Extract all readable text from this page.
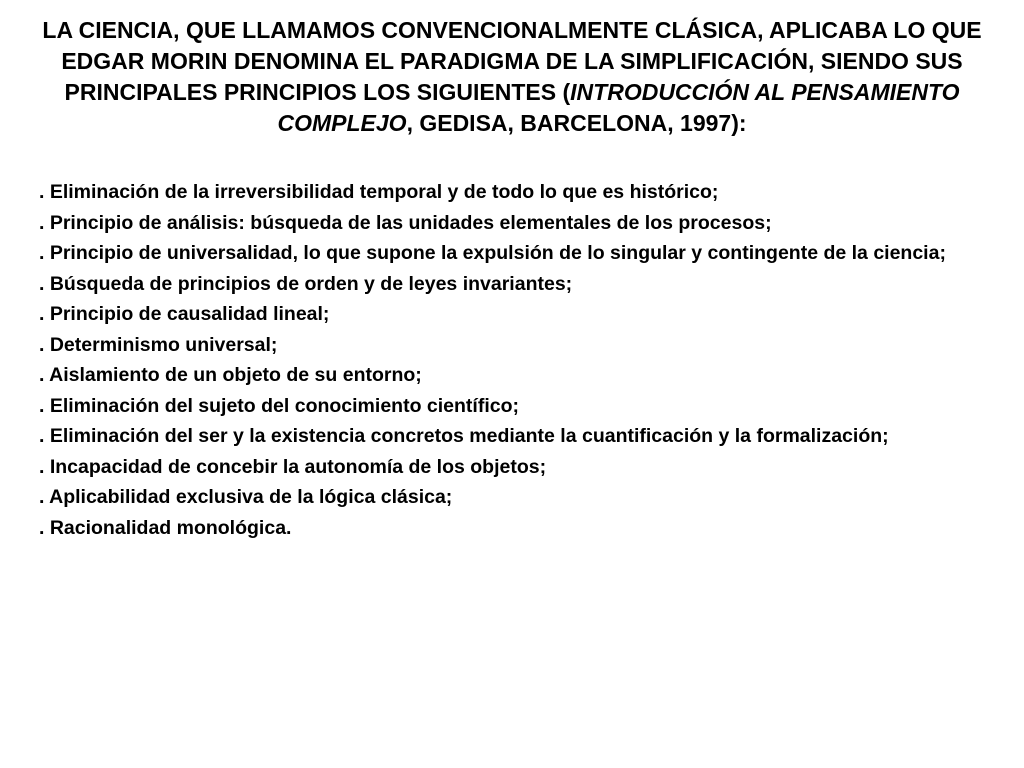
LA CIENCIA, QUE LLAMAMOS CONVENCIONALMENTE CLÁSICA, APLICABA LO QUE EDGAR MORIN DENOMINA EL PARADIGMA DE LA SIMPLIFICACIÓN, SIENDO SUS PRINCIPALES PRINCIPIOS LOS SIGUIENTES (INTRODUCCIÓN AL PENSAMIENTO COMPLEJO, GEDISA, BARCELONA, 1997):

. Eliminación de la irreversibilidad temporal y de todo lo que es histórico;

. Principio de análisis: búsqueda de las unidades elementales de los procesos;

. Principio de universalidad, lo que supone la expulsión de lo singular y contingente de la ciencia;

. Búsqueda de principios de orden y de leyes invariantes;

. Principio de causalidad lineal;

. Determinismo universal;

. Aislamiento de un objeto de su entorno;

. Eliminación del sujeto del conocimiento científico;

. Eliminación del ser y la existencia concretos mediante la cuantificación y la formalización;

. Incapacidad de concebir la autonomía de los objetos;

. Aplicabilidad exclusiva de la lógica clásica;

. Racionalidad monológica.
